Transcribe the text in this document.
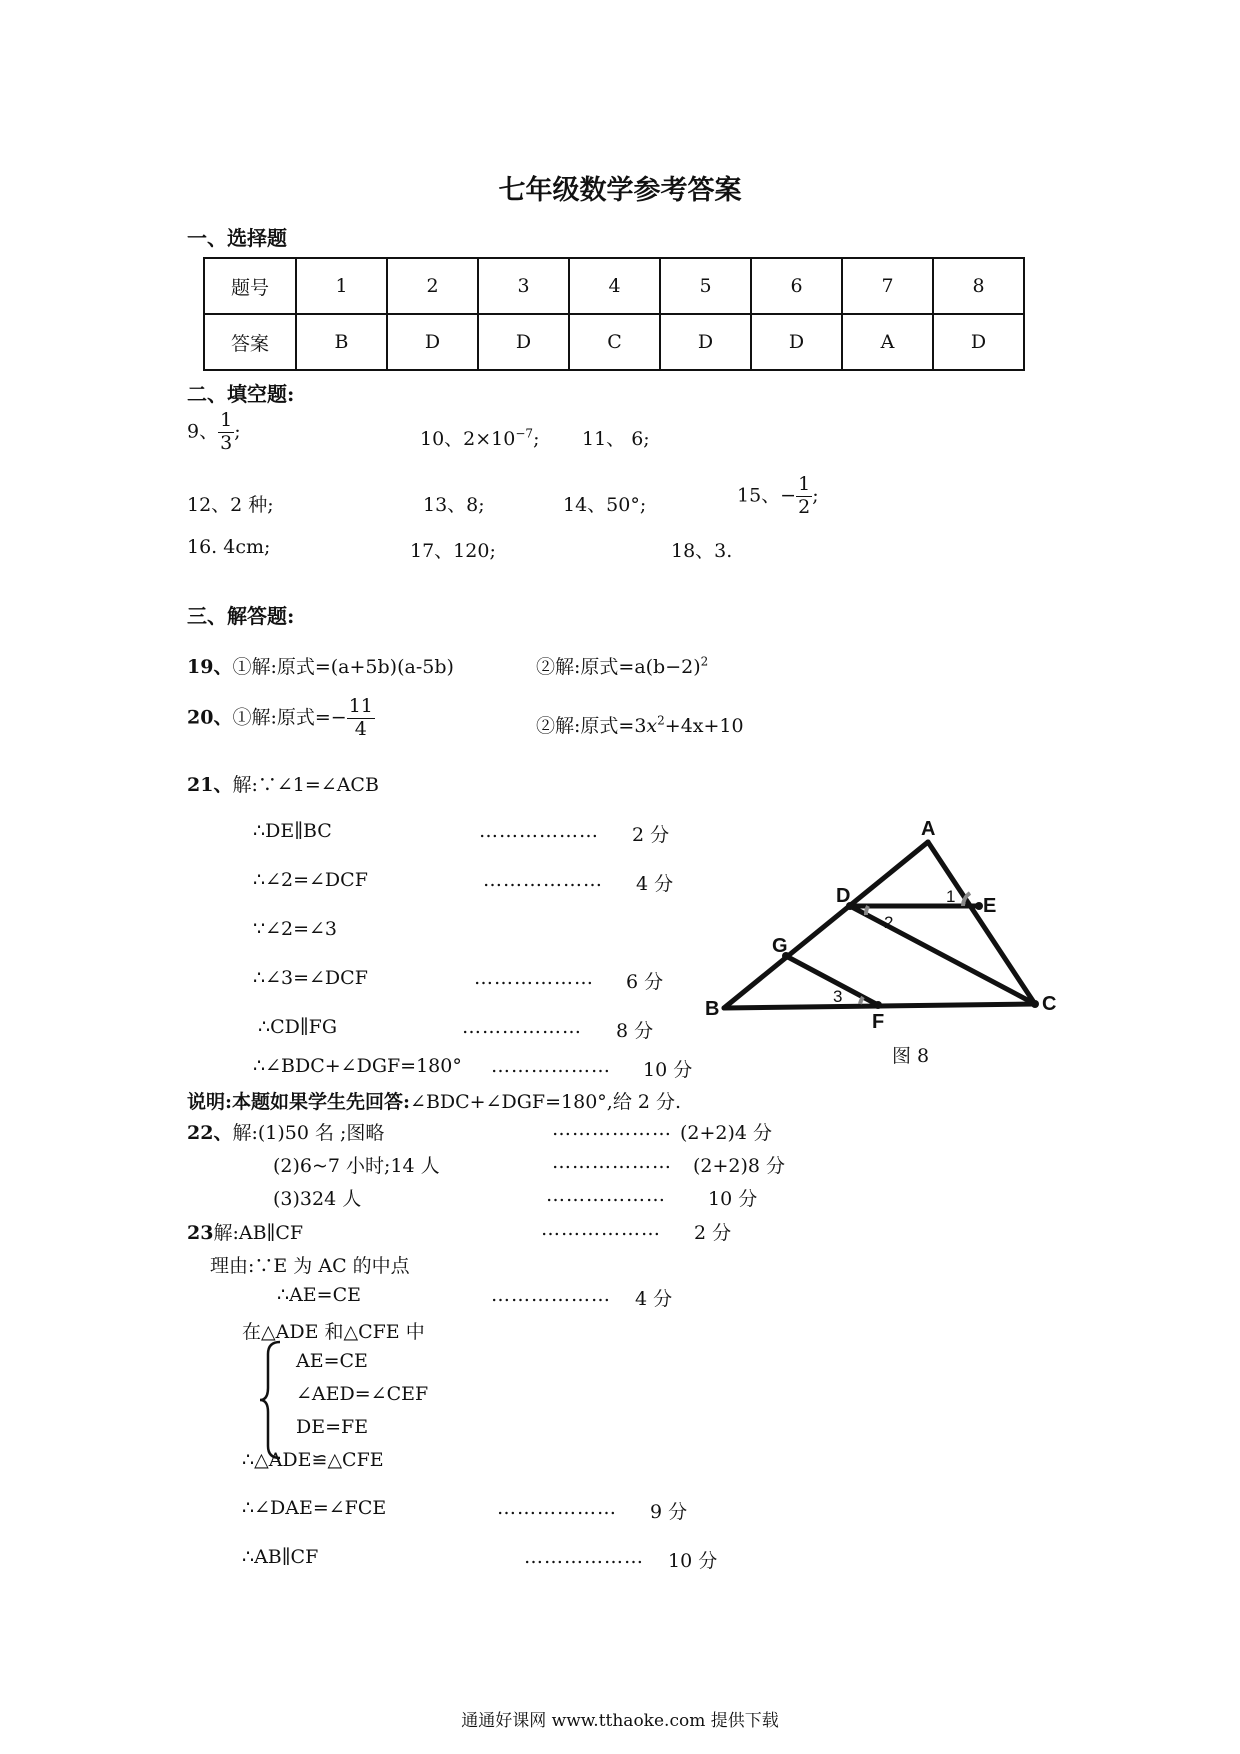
七年级数学参考答案
一、选择题
题号	1	2	3	4	5	6	7	8
答案	B	D	D	C	D	D	A	D
二、填空题:
9、 $\frac{1}{3}$ ;	10、$2\times 10^{-7}$; 11、 6;
12、2 种;	13、8;	14、50°;	15、− $\frac{1}{2}$ ;
16. 4cm;	17、120;	18、3.
三、解答题:
19、①解:原式=(a+5b)(a-5b)	②解:原式$=a(b-2)^2$
20、①解:原式=− $\frac{11}{4}$	②解:原式$=3x^2+4x+10$
21、解:∵∠1=∠ACB
∴DE∥BC	……………… 2 分
∴∠2=∠DCF	……………… 4 分
∵∠2=∠3
∴∠3=∠DCF	……………… 6 分
∴CD∥FG	……………… 8 分
∴∠BDC+∠DGF=180° ……………… 10 分
说明:本题如果学生先回答:∠BDC+∠DGF=180°,给 2 分.
A
B	C
D	E
F
G
1
2
3
图 8
22、解:(1)50 名 ;图略	……………… (2+2)4 分
(2)6~7 小时;14 人	……………… (2+2)8 分
(3)324 人	……………… 10 分
23解:AB∥CF	……………… 2 分
理由:∵E 为 AC 的中点
∴AE=CE	……………… 4 分
在△ADE 和△CFE 中
AE=CE
∠AED=∠CEF
DE=FE
∴△ADE≌△CFE
∴∠DAE=∠FCE	……………… 9 分
∴AB∥CF	……………… 10 分
通通好课网 www.tthaoke.com 提供下载
